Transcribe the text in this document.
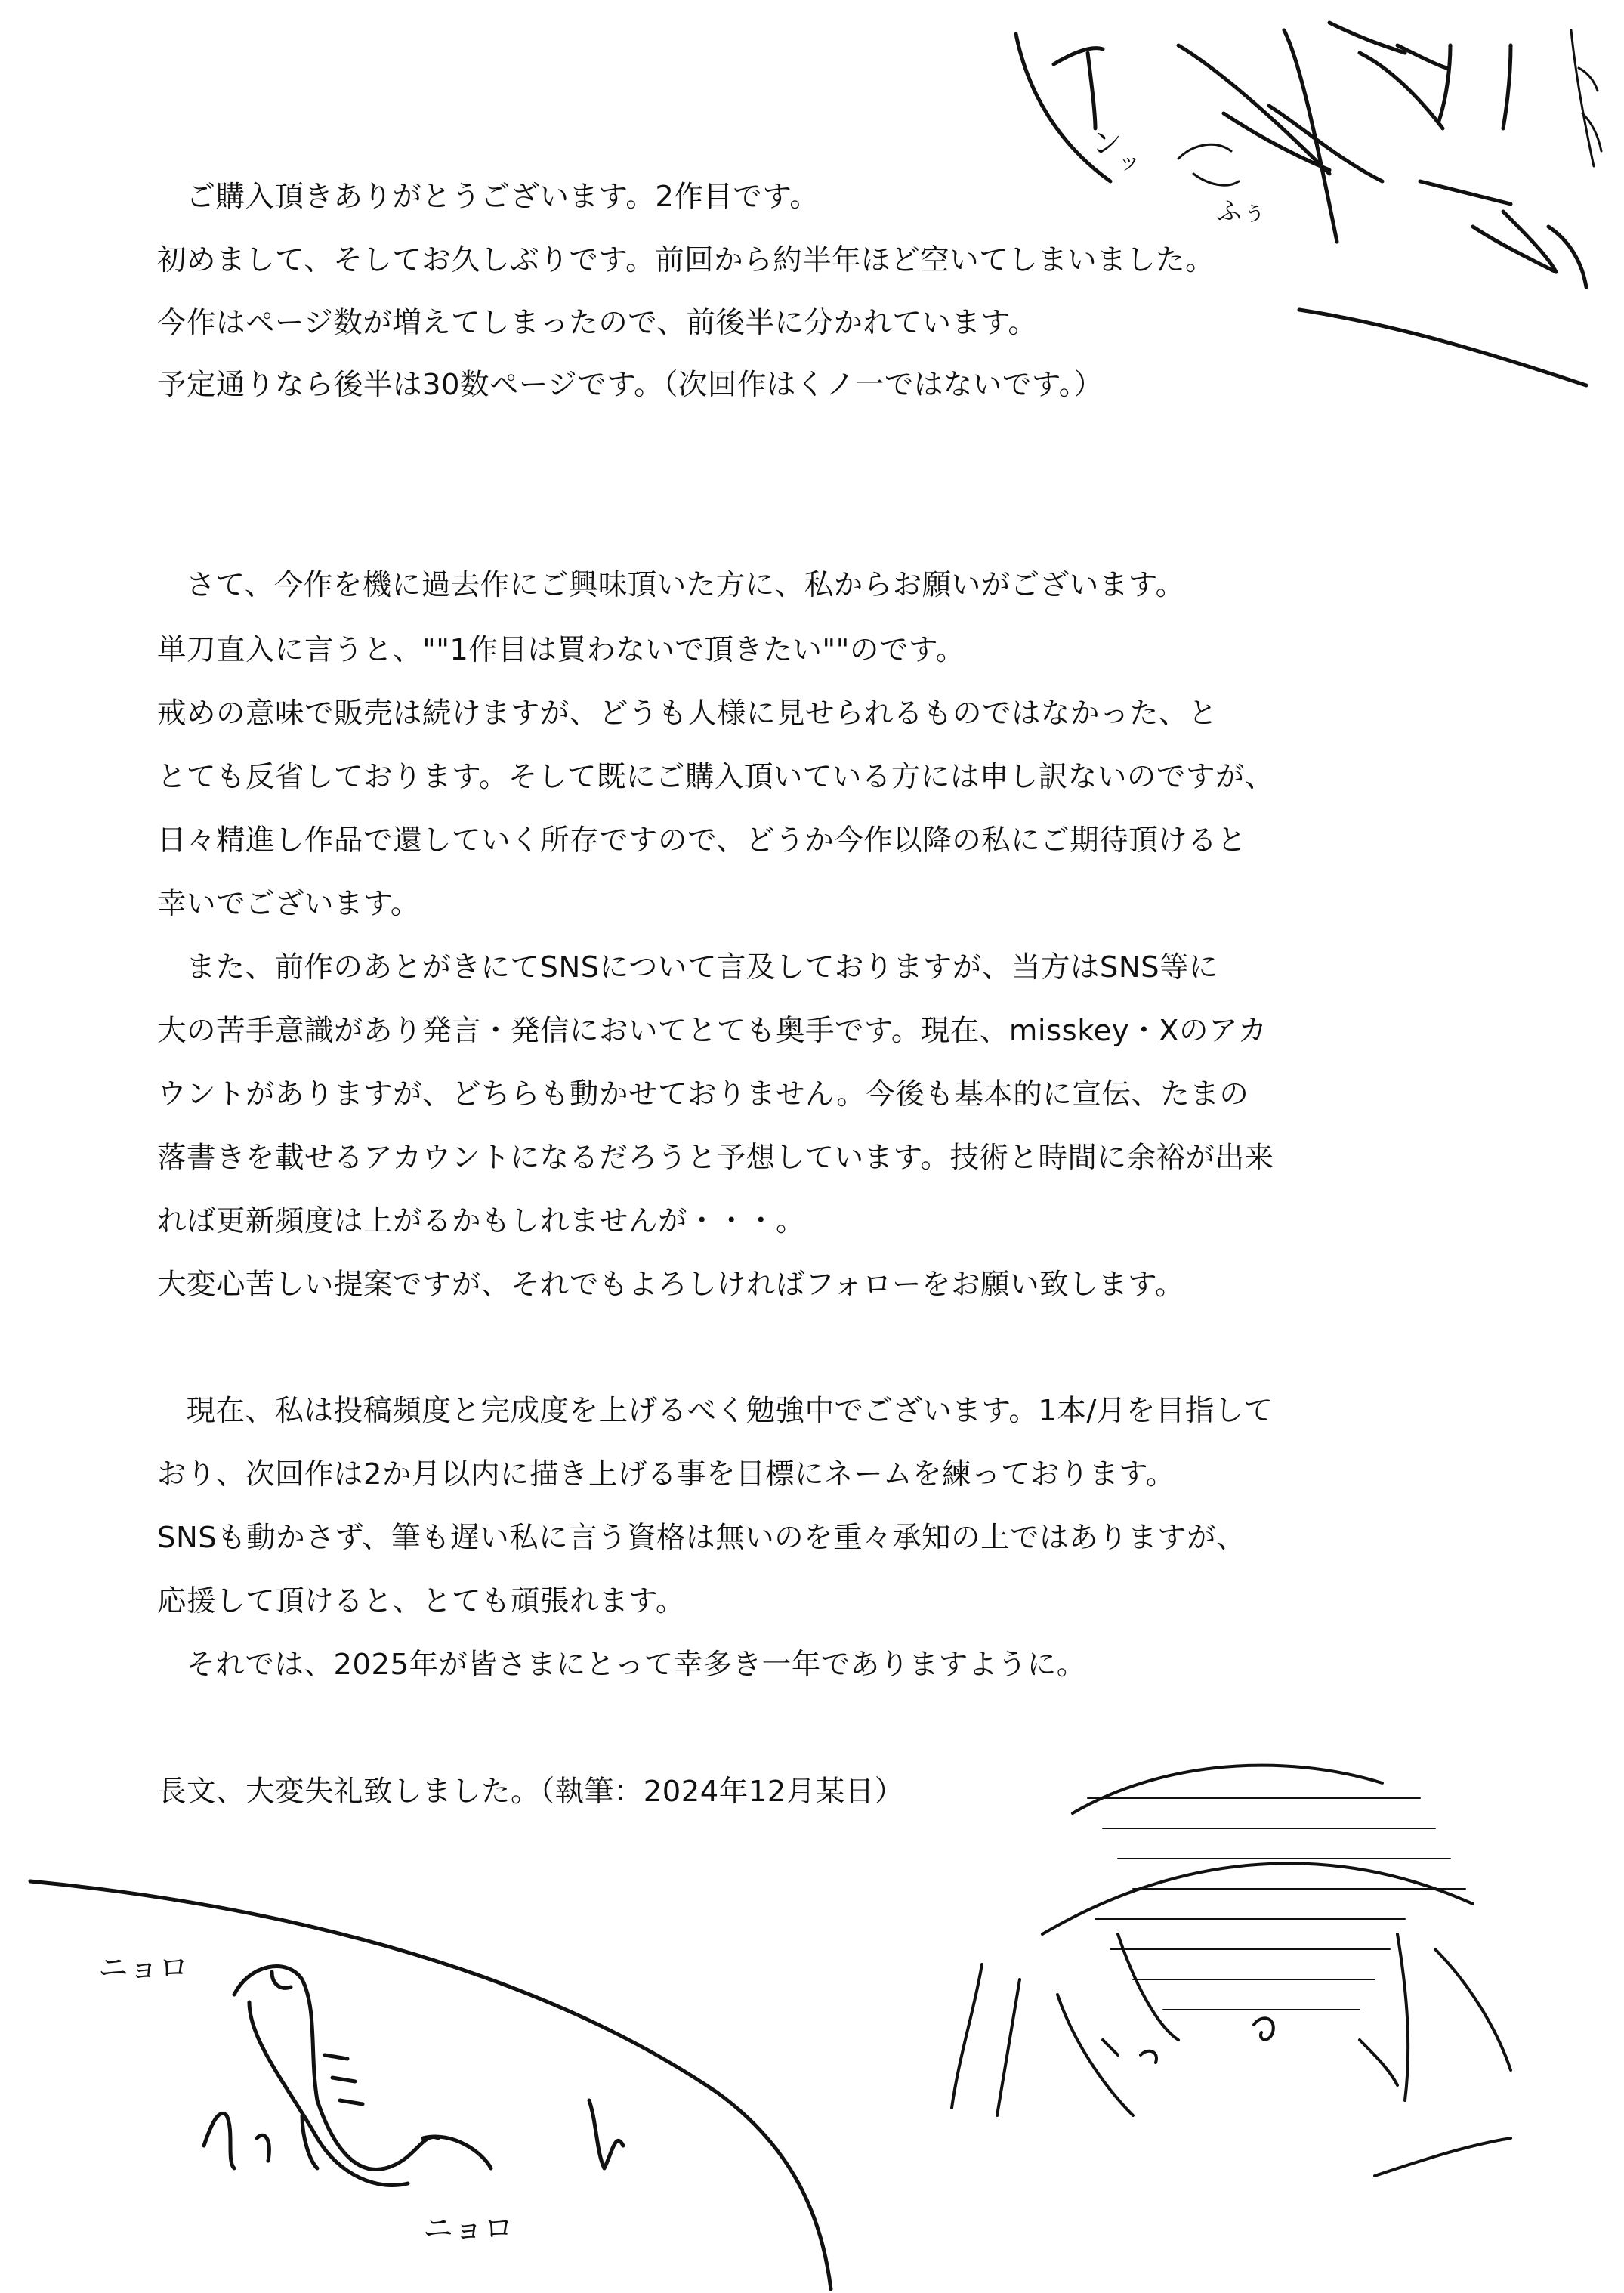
ご購入頂きありがとうございます。2作目です。

初めまして、そしてお久しぶりです。前回から約半年ほど空いてしまいました。

今作はページ数が増えてしまったので、前後半に分かれています。

予定通りなら後半は30数ページです。（次回作はくノ一ではないです。）

さて、今作を機に過去作にご興味頂いた方に、私からお願いがございます。

単刀直入に言うと、""1作目は買わないで頂きたい""のです。

戒めの意味で販売は続けますが、どうも人様に見せられるものではなかった、と

とても反省しております。そして既にご購入頂いている方には申し訳ないのですが、

日々精進し作品で還していく所存ですので、どうか今作以降の私にご期待頂けると

幸いでございます。

また、前作のあとがきにてSNSについて言及しておりますが、当方はSNS等に

大の苦手意識があり発言・発信においてとても奥手です。現在、misskey・Xのアカ

ウントがありますが、どちらも動かせておりません。今後も基本的に宣伝、たまの

落書きを載せるアカウントになるだろうと予想しています。技術と時間に余裕が出来

れば更新頻度は上がるかもしれませんが・・・。

大変心苦しい提案ですが、それでもよろしければフォローをお願い致します。

現在、私は投稿頻度と完成度を上げるべく勉強中でございます。1本/月を目指して

おり、次回作は2か月以内に描き上げる事を目標にネームを練っております。

SNSも動かさず、筆も遅い私に言う資格は無いのを重々承知の上ではありますが、

応援して頂けると、とても頑張れます。

それでは、2025年が皆さまにとって幸多き一年でありますように。

長文、大変失礼致しました。（執筆：2024年12月某日）

ン
ッ
ふぅ
ニョロ
ニョロ
